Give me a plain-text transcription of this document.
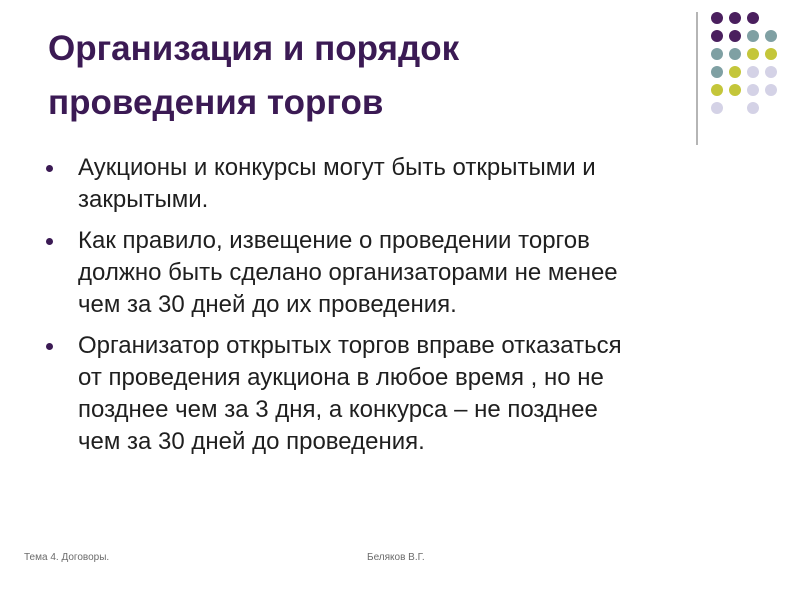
Организация и порядок
проведения торгов
Аукционы и конкурсы могут быть открытыми и
закрытыми.
Как правило, извещение о проведении торгов
должно быть сделано организаторами не менее
чем за 30 дней до их проведения.
Организатор открытых торгов вправе отказаться
от проведения аукциона в любое время , но не
позднее чем за 3 дня, а конкурса – не позднее
чем за 30 дней до проведения.
Тема 4. Договоры.	Беляков В.Г.
